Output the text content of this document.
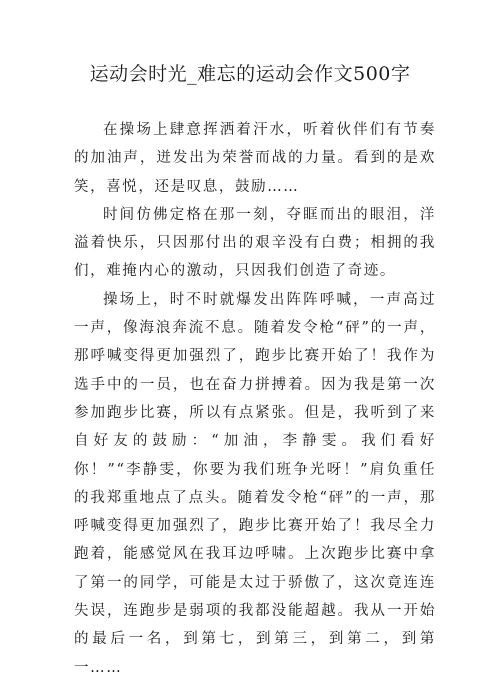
运动会时光_难忘的运动会作文500字

在操场上肆意挥洒着汗水，听着伙伴们有节奏的加油声，迸发出为荣誉而战的力量。看到的是欢笑，喜悦，还是叹息，鼓励……

时间仿佛定格在那一刻，夺眶而出的眼泪，洋溢着快乐，只因那付出的艰辛没有白费；相拥的我们，难掩内心的激动，只因我们创造了奇迹。

操场上，时不时就爆发出阵阵呼喊，一声高过一声，像海浪奔流不息。随着发令枪“砰”的一声，那呼喊变得更加强烈了，跑步比赛开始了！我作为选手中的一员，也在奋力拼搏着。因为我是第一次参加跑步比赛，所以有点紧张。但是，我听到了来自好友的鼓励：“加油，李静雯。我们看好你！”“李静雯，你要为我们班争光呀！”肩负重任的我郑重地点了点头。随着发令枪“砰”的一声，那呼喊变得更加强烈了，跑步比赛开始了！我尽全力跑着，能感觉风在我耳边呼啸。上次跑步比赛中拿了第一的同学，可能是太过于骄傲了，这次竟连连失误，连跑步是弱项的我都没能超越。我从一开始的最后一名，到第七，到第三，到第二，到第一……
